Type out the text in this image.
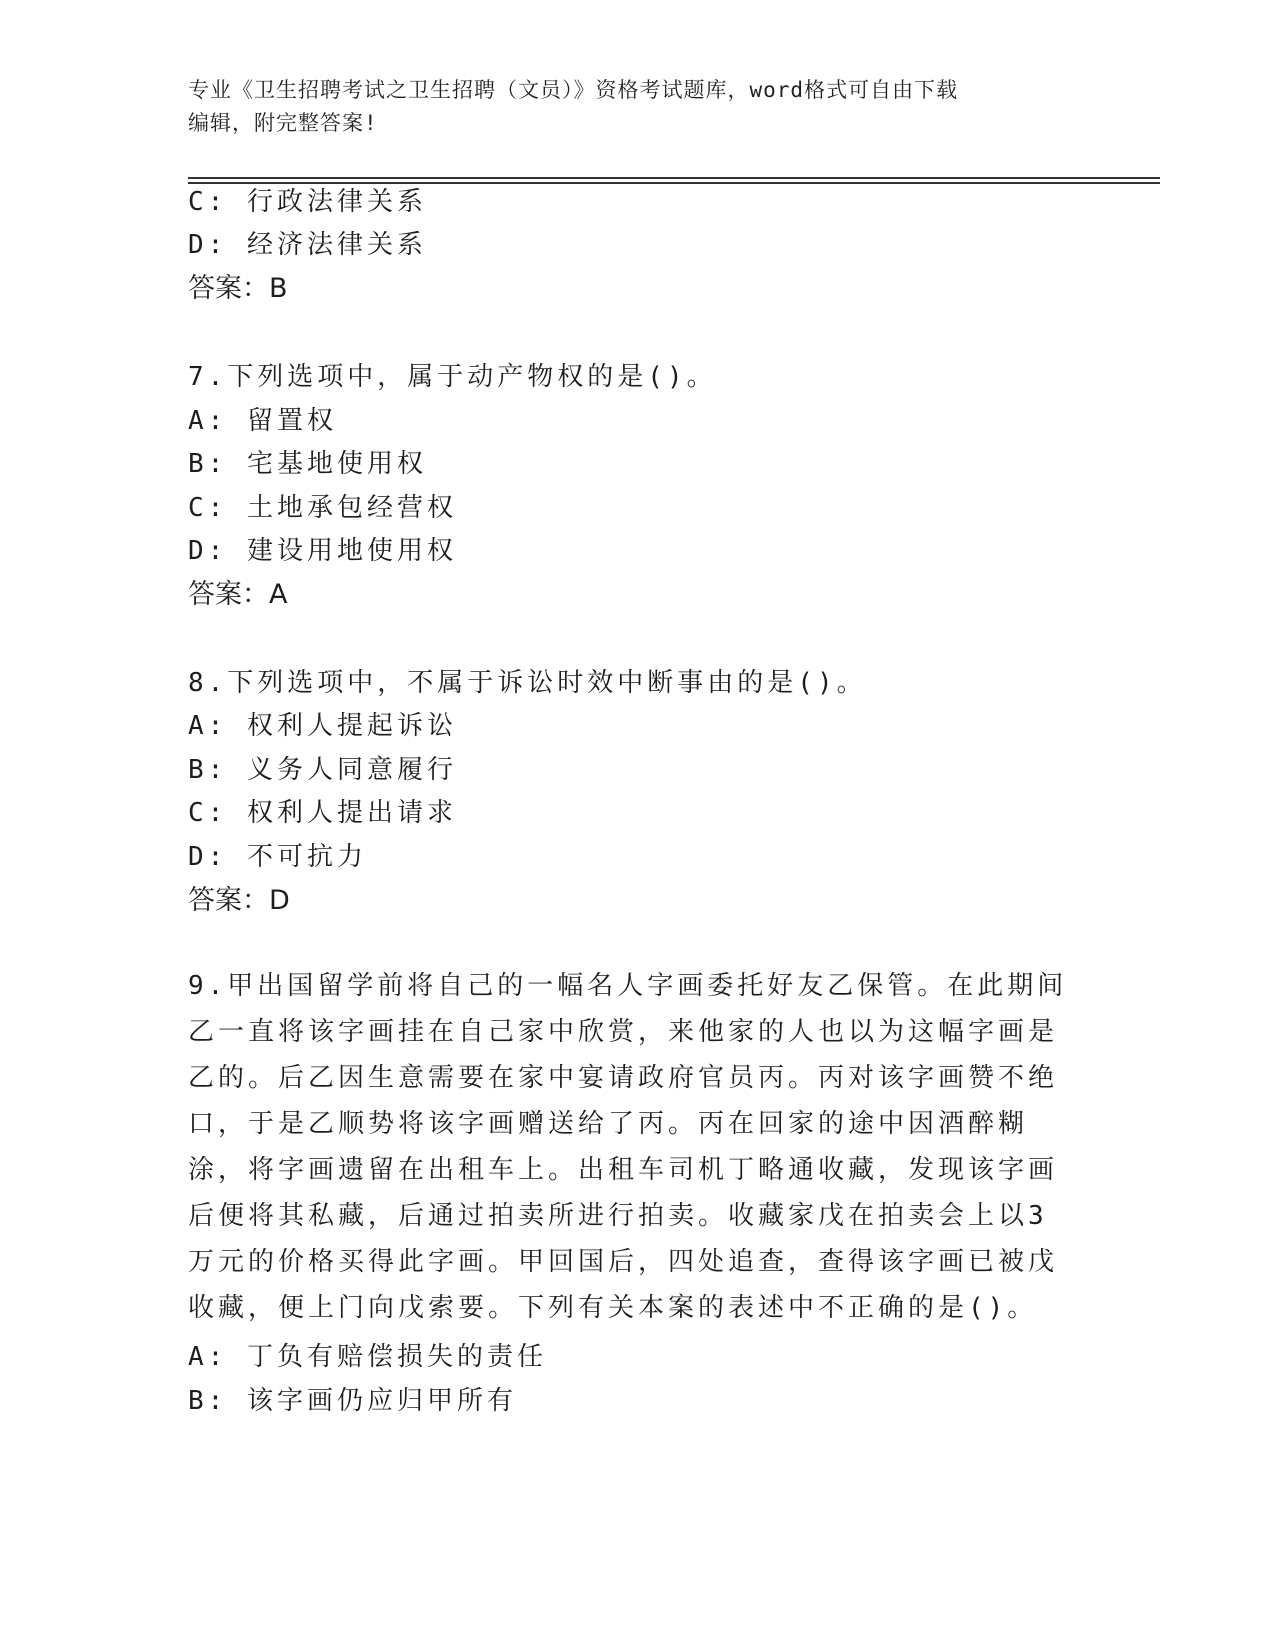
专业《卫生招聘考试之卫生招聘（文员）》资格考试题库，word格式可自由下载
编辑，附完整答案!
C: 行政法律关系
D: 经济法律关系
答案：B
7.下列选项中，属于动产物权的是()。
A: 留置权
B: 宅基地使用权
C: 土地承包经营权
D: 建设用地使用权
答案：A
8.下列选项中，不属于诉讼时效中断事由的是()。
A: 权利人提起诉讼
B: 义务人同意履行
C: 权利人提出请求
D: 不可抗力
答案：D
9.甲出国留学前将自己的一幅名人字画委托好友乙保管。在此期间乙一直将该字画挂在自己家中欣赏，来他家的人也以为这幅字画是乙的。后乙因生意需要在家中宴请政府官员丙。丙对该字画赞不绝口，于是乙顺势将该字画赠送给了丙。丙在回家的途中因酒醉糊涂，将字画遗留在出租车上。出租车司机丁略通收藏，发现该字画后便将其私藏，后通过拍卖所进行拍卖。收藏家戊在拍卖会上以3万元的价格买得此字画。甲回国后，四处追查，查得该字画已被戊收藏，便上门向戊索要。下列有关本案的表述中不正确的是()。
A: 丁负有赔偿损失的责任
B: 该字画仍应归甲所有
